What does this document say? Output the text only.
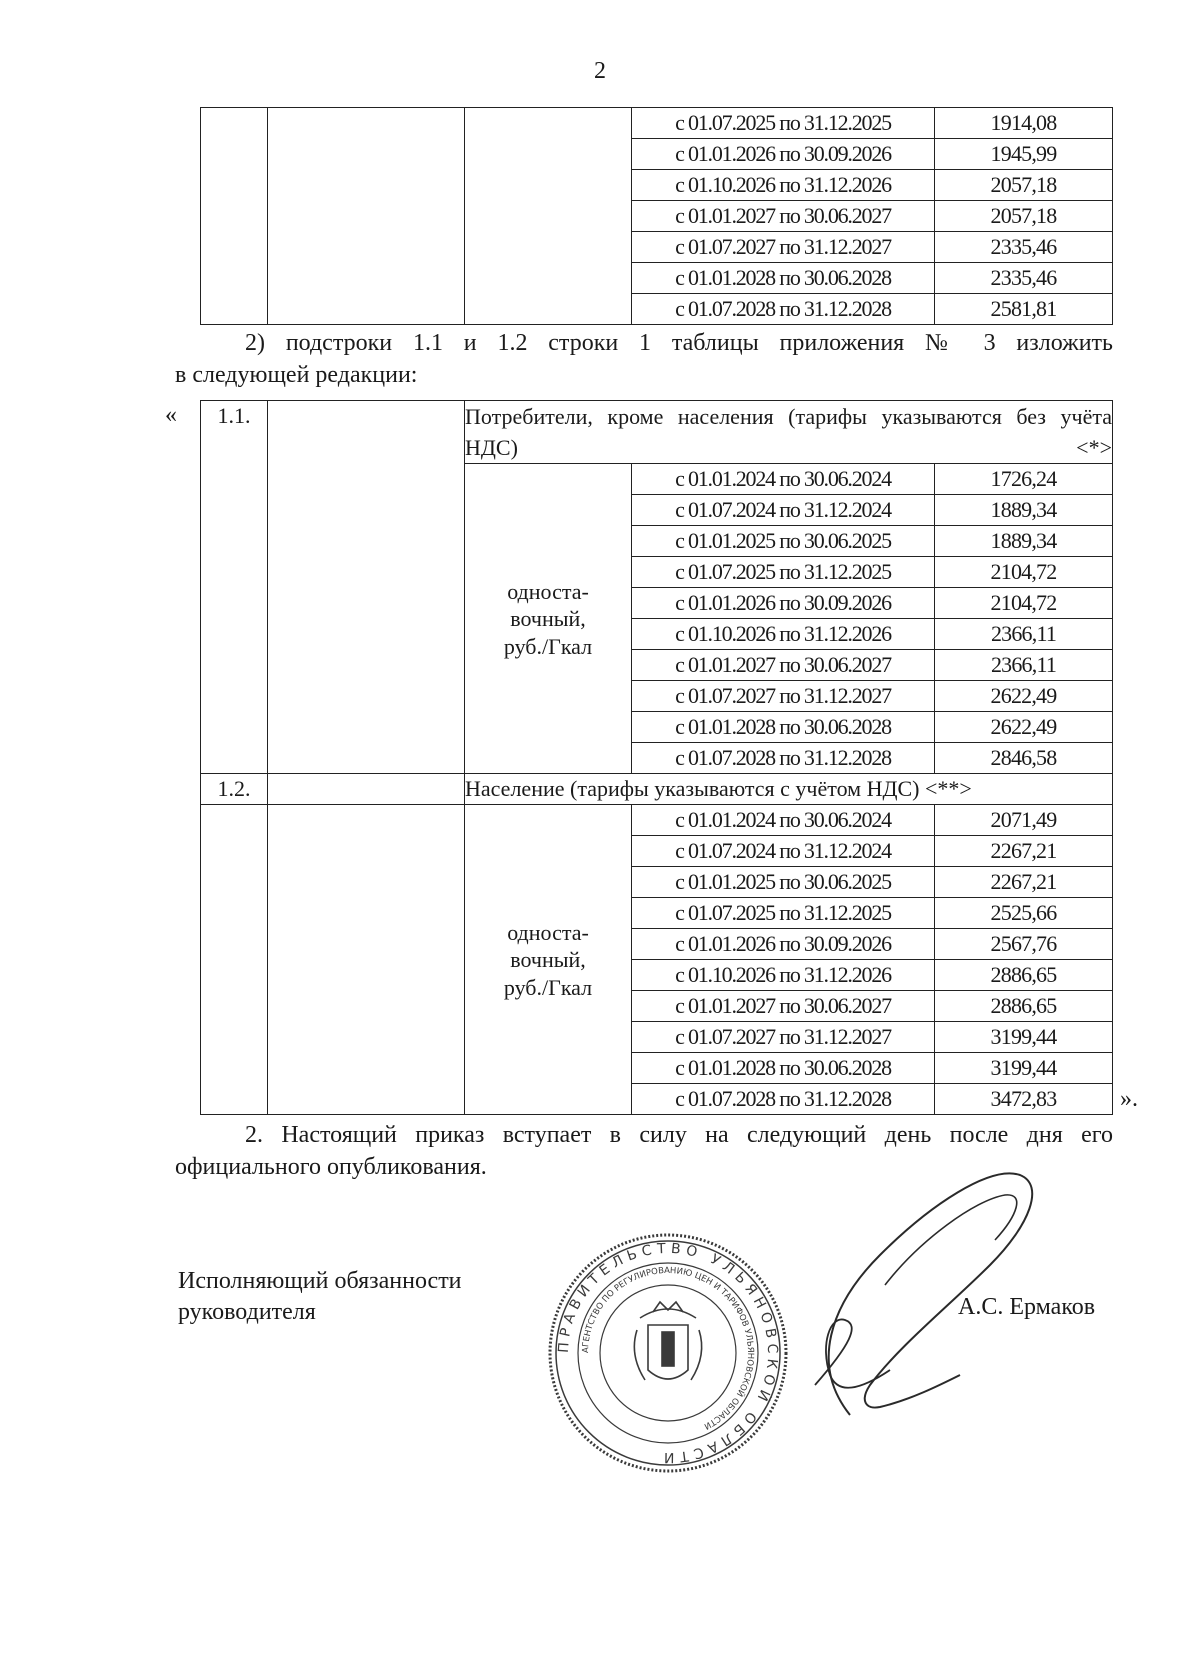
2
			с 01.07.2025 по 31.12.2025	1914,08
			с 01.01.2026 по 30.09.2026	1945,99
			с 01.10.2026 по 31.12.2026	2057,18
			с 01.01.2027 по 30.06.2027	2057,18
			с 01.07.2027 по 31.12.2027	2335,46
			с 01.01.2028 по 30.06.2028	2335,46
			с 01.07.2028 по 31.12.2028	2581,81
2) подстроки 1.1 и 1.2 строки 1 таблицы приложения № 3 изложить
в следующей редакции:
« 1.1.		Потребители, кроме населения (тарифы указываются без учёта НДС) <*>		

		односта-
вочный,
руб./Гкал	с 01.01.2024 по 30.06.2024	1726,24
			с 01.07.2024 по 31.12.2024	1889,34
			с 01.01.2025 по 30.06.2025	1889,34
			с 01.07.2025 по 31.12.2025	2104,72
			с 01.01.2026 по 30.09.2026	2104,72
			с 01.10.2026 по 31.12.2026	2366,11
			с 01.01.2027 по 30.06.2027	2366,11
			с 01.07.2027 по 31.12.2027	2622,49
			с 01.01.2028 по 30.06.2028	2622,49
			с 01.07.2028 по 31.12.2028	2846,58
1.2.		Население (тарифы указываются с учётом НДС) <**>		

		односта-
вочный,
руб./Гкал	с 01.01.2024 по 30.06.2024	2071,49
			с 01.07.2024 по 31.12.2024	2267,21
			с 01.01.2025 по 30.06.2025	2267,21
			с 01.07.2025 по 31.12.2025	2525,66
			с 01.01.2026 по 30.09.2026	2567,76
			с 01.10.2026 по 31.12.2026	2886,65
			с 01.01.2027 по 30.06.2027	2886,65
			с 01.07.2027 по 31.12.2027	3199,44
			с 01.01.2028 по 30.06.2028	3199,44
			с 01.07.2028 по 31.12.2028	3472,83	».
2. Настоящий приказ вступает в силу на следующий день после дня его
официального опубликования.
Исполняющий обязанности
руководителя
ПРАВИТЕЛЬСТВО УЛЬЯНОВСКОЙ ОБЛАСТИ
АГЕНТСТВО ПО РЕГУЛИРОВАНИЮ ЦЕН И ТАРИФОВ УЛЬЯНОВСКОЙ ОБЛАСТИ
А.С. Ермаков
